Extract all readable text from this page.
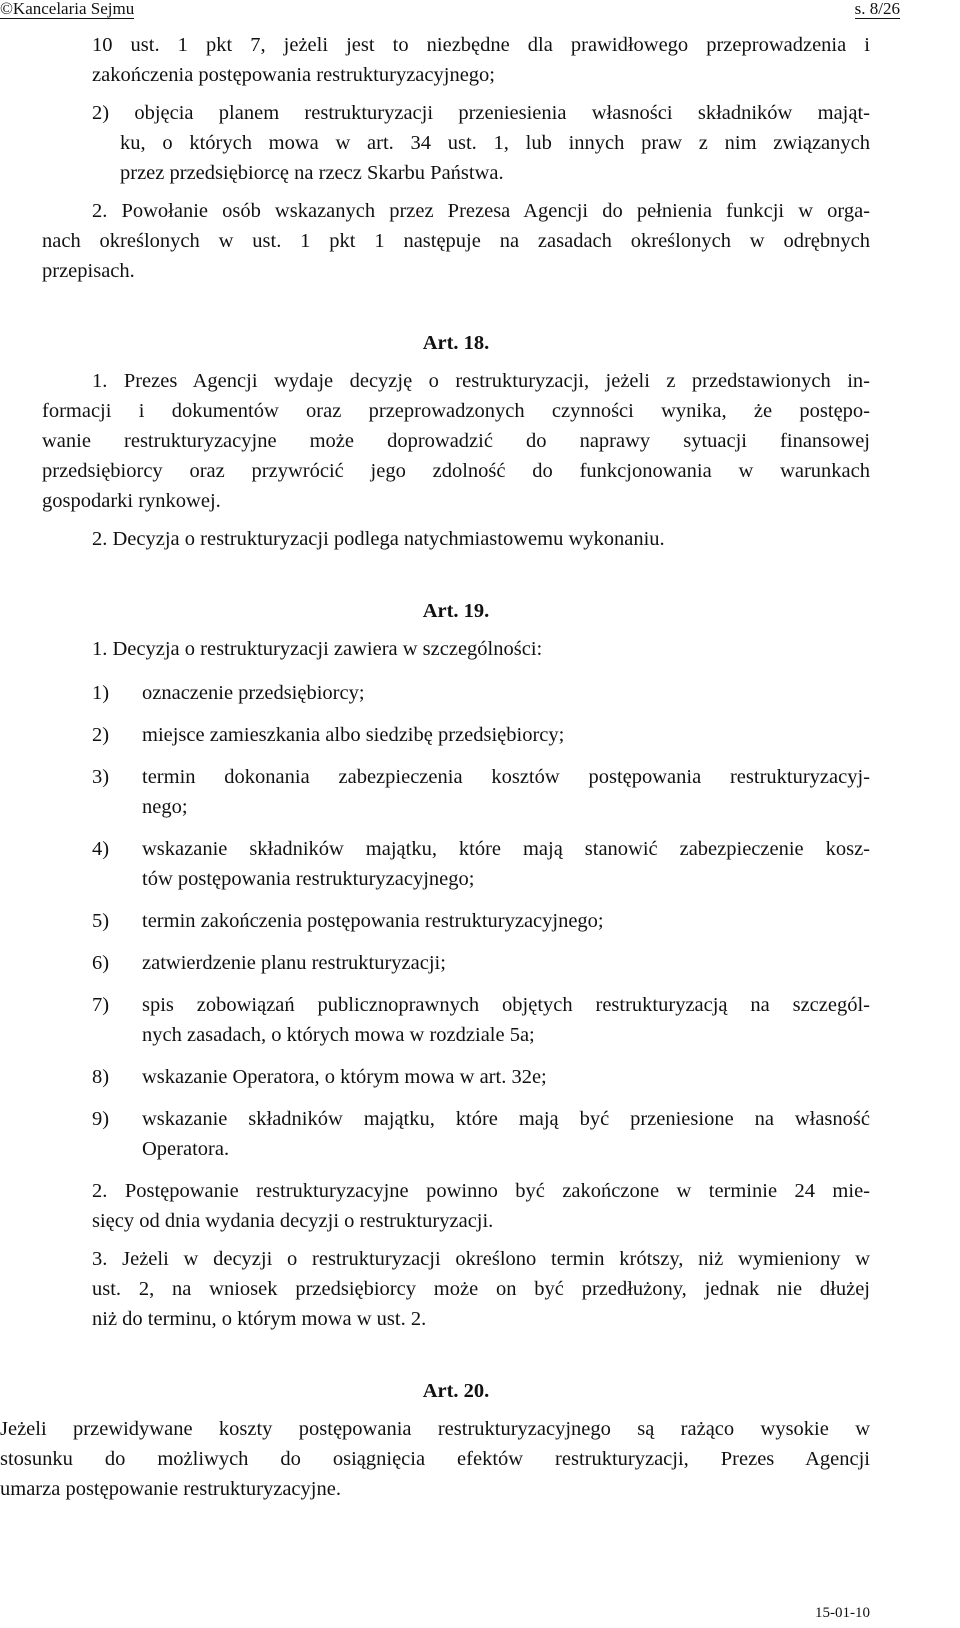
©Kancelaria Sejmu	s. 8/26
10 ust. 1 pkt 7, jeżeli jest to niezbędne dla prawidłowego przeprowadzenia i
zakończenia postępowania restrukturyzacyjnego;
2) objęcia planem restrukturyzacji przeniesienia własności składników mająt-
ku, o których mowa w art. 34 ust. 1, lub innych praw z nim związanych
przez przedsiębiorcę na rzecz Skarbu Państwa.
2. Powołanie osób wskazanych przez Prezesa Agencji do pełnienia funkcji w orga-
nach określonych w ust. 1 pkt 1 następuje na zasadach określonych w odrębnych
przepisach.

Art. 18.

1. Prezes Agencji wydaje decyzję o restrukturyzacji, jeżeli z przedstawionych in-
formacji i dokumentów oraz przeprowadzonych czynności wynika, że postępo-
wanie restrukturyzacyjne może doprowadzić do naprawy sytuacji finansowej
przedsiębiorcy oraz przywrócić jego zdolność do funkcjonowania w warunkach
gospodarki rynkowej.
2. Decyzja o restrukturyzacji podlega natychmiastowemu wykonaniu.

Art. 19.

1. Decyzja o restrukturyzacji zawiera w szczególności:
1) oznaczenie przedsiębiorcy;
2) miejsce zamieszkania albo siedzibę przedsiębiorcy;
3) termin dokonania zabezpieczenia kosztów postępowania restrukturyzacyj-
nego;
4) wskazanie składników majątku, które mają stanowić zabezpieczenie kosz-
tów postępowania restrukturyzacyjnego;
5) termin zakończenia postępowania restrukturyzacyjnego;
6) zatwierdzenie planu restrukturyzacji;
7) spis zobowiązań publicznoprawnych objętych restrukturyzacją na szczegól-
nych zasadach, o których mowa w rozdziale 5a;
8) wskazanie Operatora, o którym mowa w art. 32e;
9) wskazanie składników majątku, które mają być przeniesione na własność
Operatora.
2. Postępowanie restrukturyzacyjne powinno być zakończone w terminie 24 mie-
sięcy od dnia wydania decyzji o restrukturyzacji.
3. Jeżeli w decyzji o restrukturyzacji określono termin krótszy, niż wymieniony w
ust. 2, na wniosek przedsiębiorcy może on być przedłużony, jednak nie dłużej
niż do terminu, o którym mowa w ust. 2.

Art. 20.

Jeżeli przewidywane koszty postępowania restrukturyzacyjnego są rażąco wysokie w
stosunku do możliwych do osiągnięcia efektów restrukturyzacji, Prezes Agencji
umarza postępowanie restrukturyzacyjne.
15-01-10
